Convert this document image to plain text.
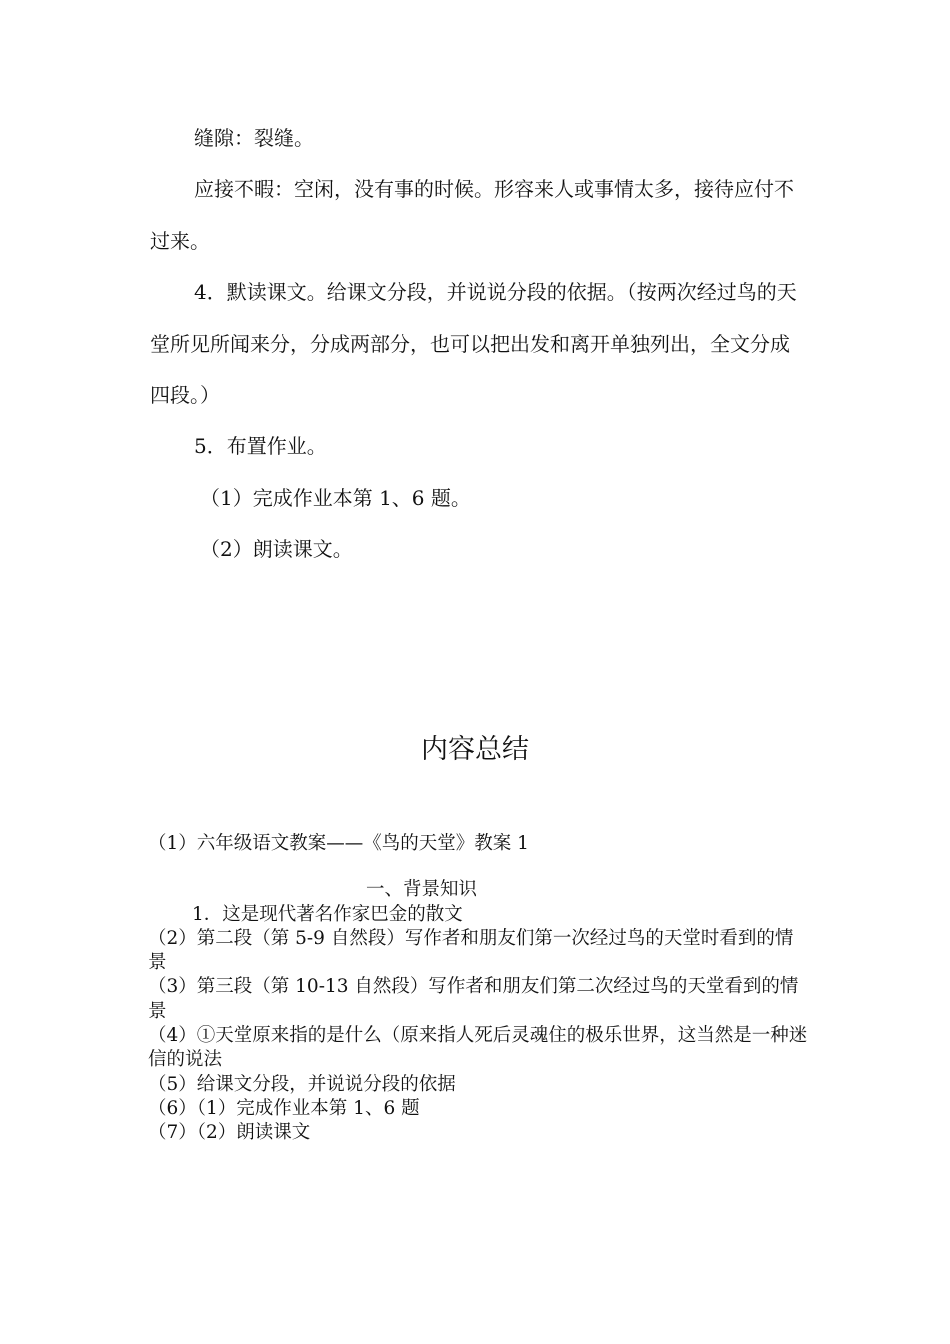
缝隙：裂缝。

应接不暇：空闲，没有事的时候。形容来人或事情太多，接待应付不过来。

4．默读课文。给课文分段，并说说分段的依据。（按两次经过鸟的天堂所见所闻来分，分成两部分，也可以把出发和离开单独列出，全文分成四段。）

5．布置作业。

（1）完成作业本第 1、6 题。

（2）朗读课文。

内容总结

（1）六年级语文教案——《鸟的天堂》教案 1

一、背景知识

1．这是现代著名作家巴金的散文

（2）第二段（第 5-9 自然段）写作者和朋友们第一次经过鸟的天堂时看到的情景

（3）第三段（第 10-13 自然段）写作者和朋友们第二次经过鸟的天堂看到的情景

（4）①天堂原来指的是什么（原来指人死后灵魂住的极乐世界，这当然是一种迷信的说法

（5）给课文分段，并说说分段的依据

（6）（1）完成作业本第 1、6 题

（7）（2）朗读课文
